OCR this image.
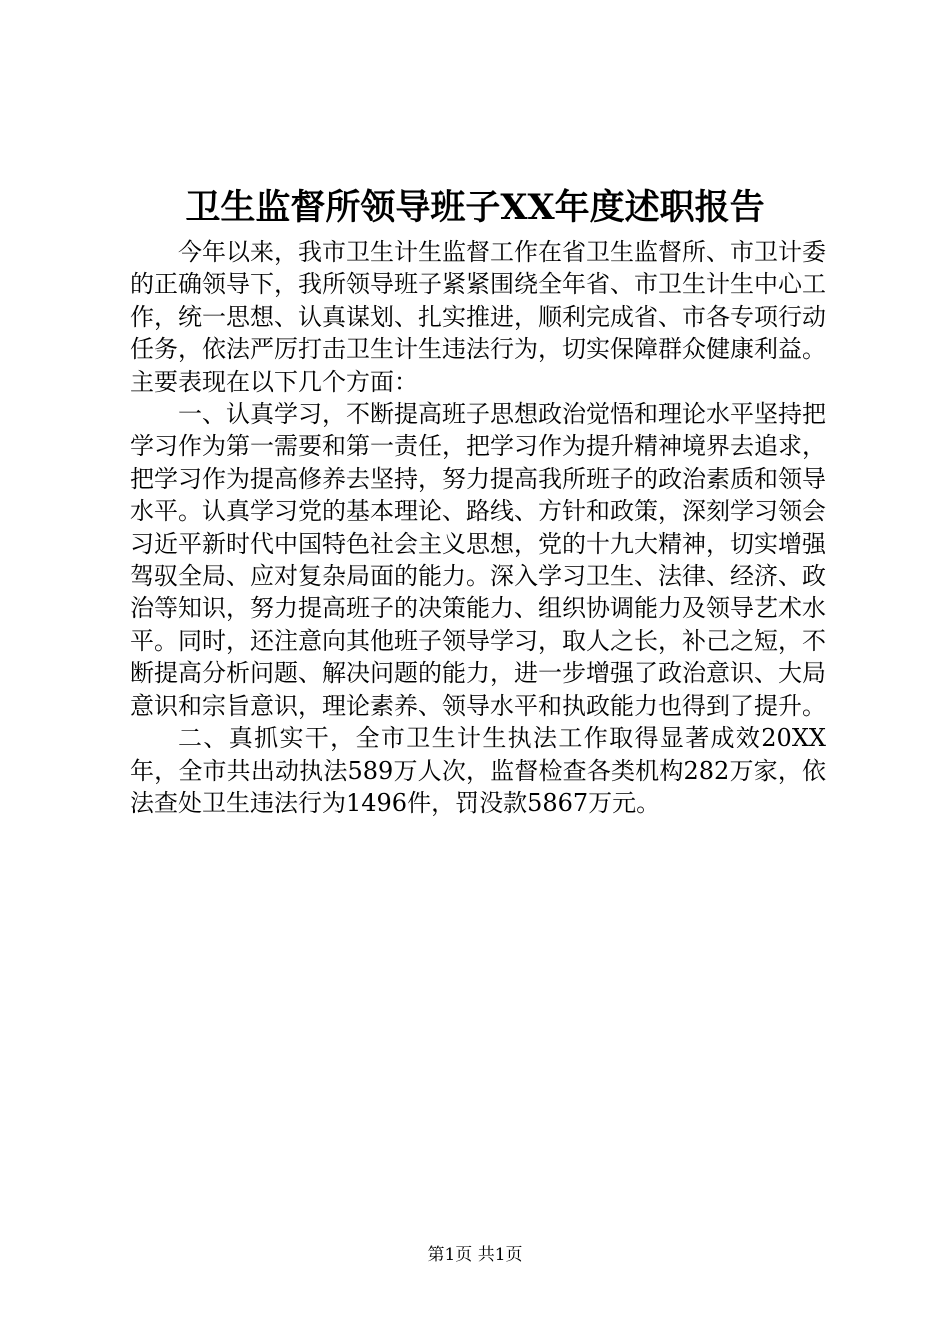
卫生监督所领导班子XX年度述职报告

今年以来，我市卫生计生监督工作在省卫生监督所、市卫计委的正确领导下，我所领导班子紧紧围绕全年省、市卫生计生中心工作，统一思想、认真谋划、扎实推进，顺利完成省、市各专项行动任务，依法严厉打击卫生计生违法行为，切实保障群众健康利益。主要表现在以下几个方面：

一、认真学习，不断提高班子思想政治觉悟和理论水平坚持把学习作为第一需要和第一责任，把学习作为提升精神境界去追求，把学习作为提高修养去坚持，努力提高我所班子的政治素质和领导水平。认真学习党的基本理论、路线、方针和政策，深刻学习领会习近平新时代中国特色社会主义思想，党的十九大精神，切实增强驾驭全局、应对复杂局面的能力。深入学习卫生、法律、经济、政治等知识，努力提高班子的决策能力、组织协调能力及领导艺术水平。同时，还注意向其他班子领导学习，取人之长，补己之短，不断提高分析问题、解决问题的能力，进一步增强了政治意识、大局意识和宗旨意识，理论素养、领导水平和执政能力也得到了提升。

二、真抓实干，全市卫生计生执法工作取得显著成效20XX年，全市共出动执法589万人次，监督检查各类机构282万家，依法查处卫生违法行为1496件，罚没款5867万元。

第1页 共1页
